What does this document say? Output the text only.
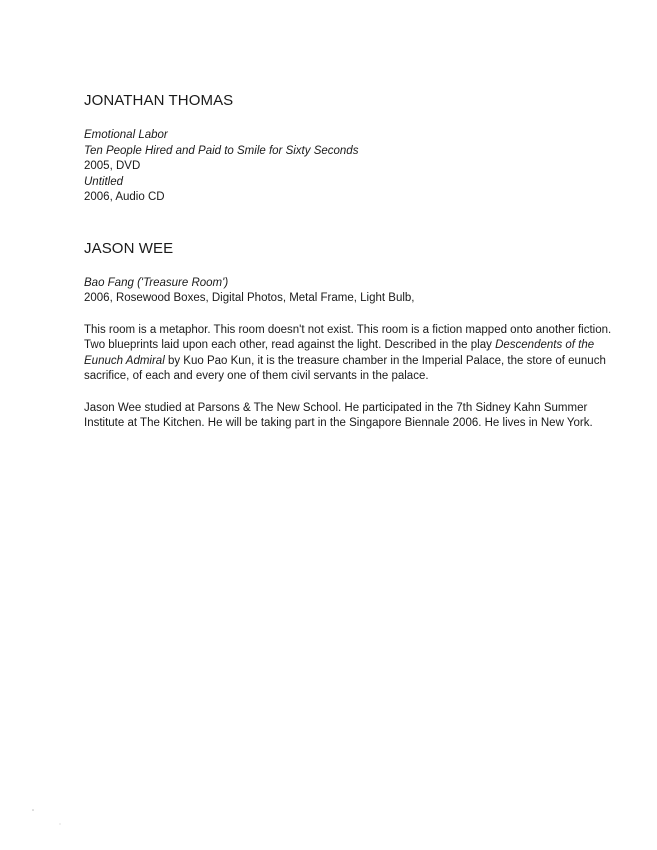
JONATHAN THOMAS
Emotional Labor
Ten People Hired and Paid to Smile for Sixty Seconds
2005, DVD
Untitled
2006, Audio CD
JASON WEE
Bao Fang ('Treasure Room')
2006, Rosewood Boxes, Digital Photos, Metal Frame, Light Bulb,

This room is a metaphor. This room doesn't not exist. This room is a fiction mapped onto another fiction.
Two blueprints laid upon each other, read against the light. Described in the play Descendents of the
Eunuch Admiral by Kuo Pao Kun, it is the treasure chamber in the Imperial Palace, the store of eunuch
sacrifice, of each and every one of them civil servants in the palace.

Jason Wee studied at Parsons & The New School. He participated in the 7th Sidney Kahn Summer
Institute at The Kitchen. He will be taking part in the Singapore Biennale 2006. He lives in New York.
